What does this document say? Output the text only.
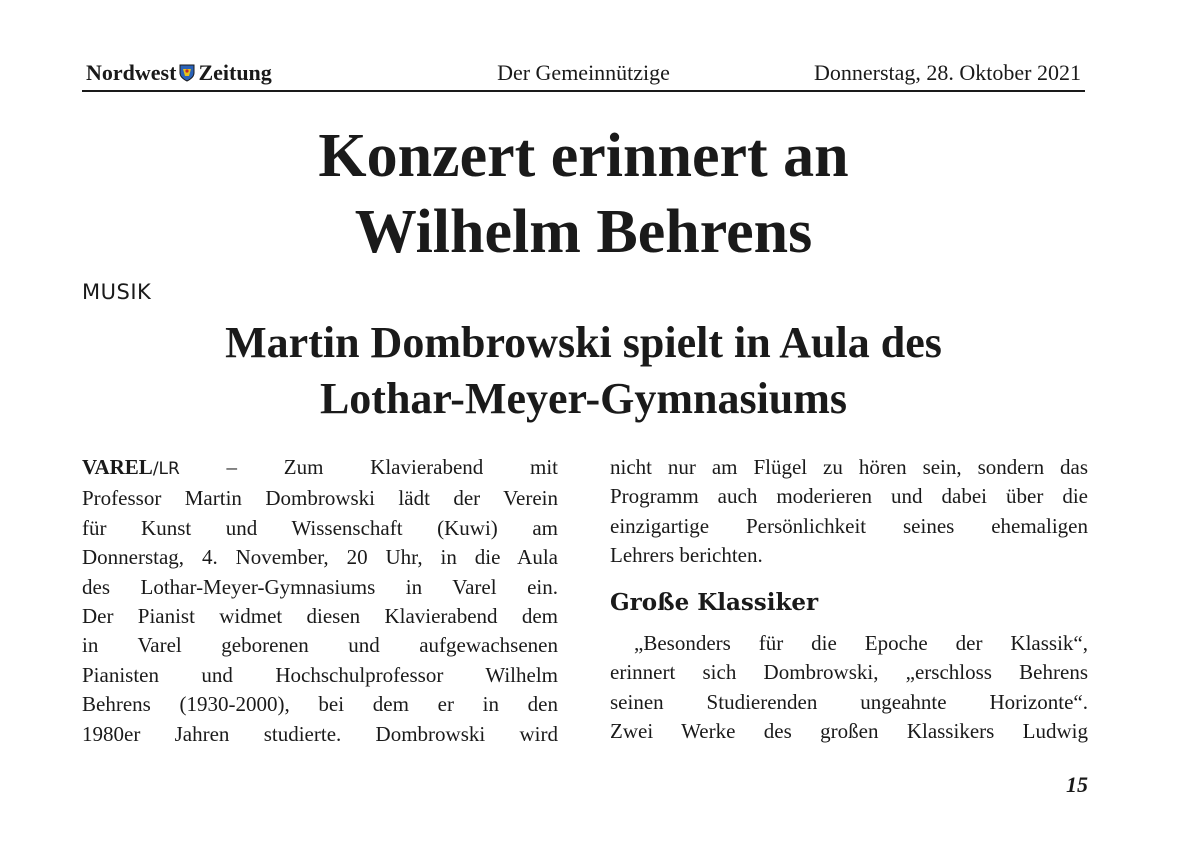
Nordwest Zeitung	Der Gemeinnützige	Donnerstag, 28. Oktober 2021
Konzert erinnert an
Wilhelm Behrens
MUSIK
Martin Dombrowski spielt in Aula des
Lothar-Meyer-Gymnasiums
VAREL/LR – Zum Klavierabend mit
Professor Martin Dombrowski lädt der Verein
für Kunst und Wissenschaft (Kuwi) am
Donnerstag, 4. November, 20 Uhr, in die Aula
des Lothar-Meyer-Gymnasiums in Varel ein.
Der Pianist widmet diesen Klavierabend dem
in Varel geborenen und aufgewachsenen
Pianisten und Hochschulprofessor Wilhelm
Behrens (1930-2000), bei dem er in den
1980er Jahren studierte. Dombrowski wird
nicht nur am Flügel zu hören sein, sondern das
Programm auch moderieren und dabei über die
einzigartige Persönlichkeit seines ehemaligen
Lehrers berichten.
Große Klassiker
„Besonders für die Epoche der Klassik“,
erinnert sich Dombrowski, „erschloss Behrens
seinen Studierenden ungeahnte Horizonte“.
Zwei Werke des großen Klassikers Ludwig
15
